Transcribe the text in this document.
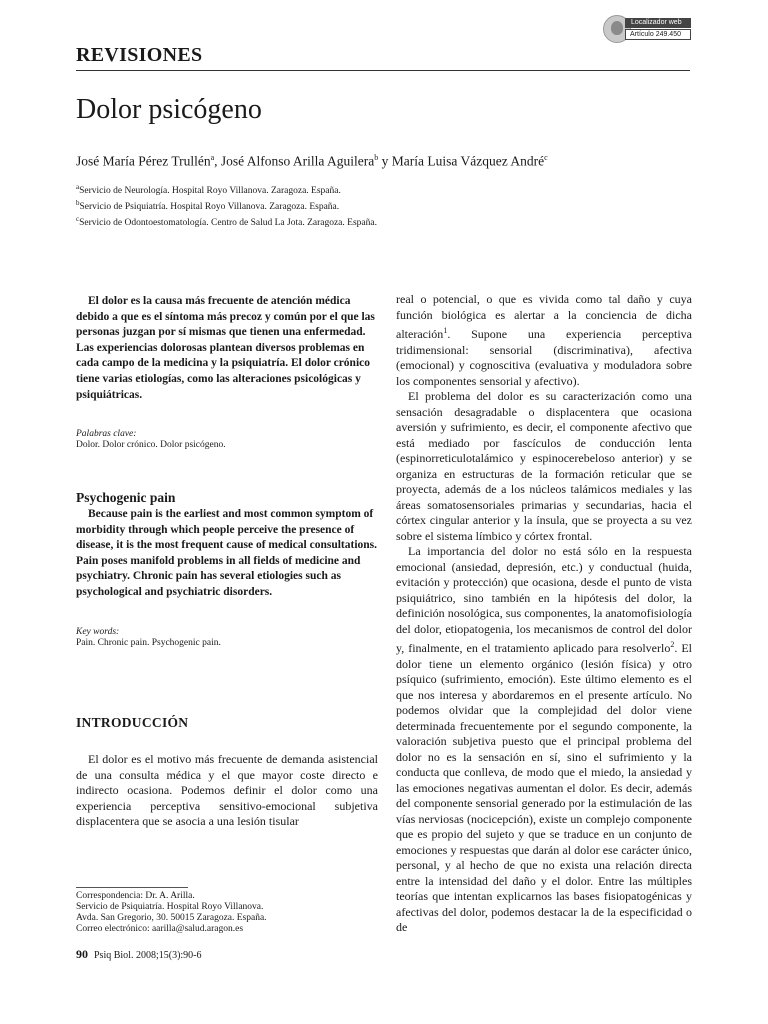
Localizador web
Artículo 249.450
REVISIONES
Dolor psicógeno
José María Pérez Trullén$^a$, José Alfonso Arilla Aguilera$^b$ y María Luisa Vázquez André$^c$
$^a$Servicio de Neurología. Hospital Royo Villanova. Zaragoza. España.
$^b$Servicio de Psiquiatría. Hospital Royo Villanova. Zaragoza. España.
$^c$Servicio de Odontoestomatología. Centro de Salud La Jota. Zaragoza. España.

El dolor es la causa más frecuente de atención médica debido a que es el síntoma más precoz y común por el que las personas juzgan por sí mismas que tienen una enfermedad. Las experiencias dolorosas plantean diversos problemas en cada campo de la medicina y la psiquiatría. El dolor crónico tiene varias etiologías, como las alteraciones psicológicas y psiquiátricas.

Palabras clave:
Dolor. Dolor crónico. Dolor psicógeno.
Psychogenic pain

Because pain is the earliest and most common symptom of morbidity through which people perceive the presence of disease, it is the most frequent cause of medical consultations. Pain poses manifold problems in all fields of medicine and psychiatry. Chronic pain has several etiologies such as psychological and psychiatric disorders.

Key words:
Pain. Chronic pain. Psychogenic pain.
INTRODUCCIÓN

El dolor es el motivo más frecuente de demanda asistencial de una consulta médica y el que mayor coste directo e indirecto ocasiona. Podemos definir el dolor como una experiencia perceptiva sensitivo-emocional subjetiva displacentera que se asocia a una lesión tisular

Correspondencia: Dr. A. Arilla.
Servicio de Psiquiatría. Hospital Royo Villanova.
Avda. San Gregorio, 30. 50015 Zaragoza. España.
Correo electrónico: aarilla@salud.aragon.es
90 Psiq Biol. 2008;15(3):90-6

real o potencial, o que es vivida como tal daño y cuya función biológica es alertar a la conciencia de dicha alteración$^1$. Supone una experiencia perceptiva tridimensional: sensorial (discriminativa), afectiva (emocional) y cognoscitiva (evaluativa y moduladora sobre los componentes sensorial y afectivo).

El problema del dolor es su caracterización como una sensación desagradable o displacentera que ocasiona aversión y sufrimiento, es decir, el componente afectivo que está mediado por fascículos de conducción lenta (espinorreticulotalámico y espinocerebeloso anterior) y se organiza en estructuras de la formación reticular que se proyecta, además de a los núcleos talámicos mediales y las áreas somatosensoriales primarias y secundarias, hacia el córtex cingular anterior y la ínsula, que se proyecta a su vez sobre el sistema límbico y córtex frontal.

La importancia del dolor no está sólo en la respuesta emocional (ansiedad, depresión, etc.) y conductual (huida, evitación y protección) que ocasiona, desde el punto de vista psiquiátrico, sino también en la hipótesis del dolor, la definición nosológica, sus componentes, la anatomofisiología del dolor, etiopatogenia, los mecanismos de control del dolor y, finalmente, en el tratamiento aplicado para resolverlo$^2$. El dolor tiene un elemento orgánico (lesión física) y otro psíquico (sufrimiento, emoción). Este último elemento es el que nos interesa y abordaremos en el presente artículo. No podemos olvidar que la complejidad del dolor viene determinada frecuentemente por el segundo componente, la valoración subjetiva puesto que el principal problema del dolor no es la sensación en sí, sino el sufrimiento y la conducta que conlleva, de modo que el miedo, la ansiedad y las emociones negativas aumentan el dolor. Es decir, además del componente sensorial generado por la estimulación de las vías nerviosas (nocicepción), existe un complejo componente que es propio del sujeto y que se traduce en un conjunto de emociones y respuestas que darán al dolor ese carácter único, personal, y al hecho de que no exista una relación directa entre la intensidad del daño y el dolor. Entre las múltiples teorías que intentan explicarnos las bases fisiopatogénicas y afectivas del dolor, podemos destacar la de la especificidad o de
